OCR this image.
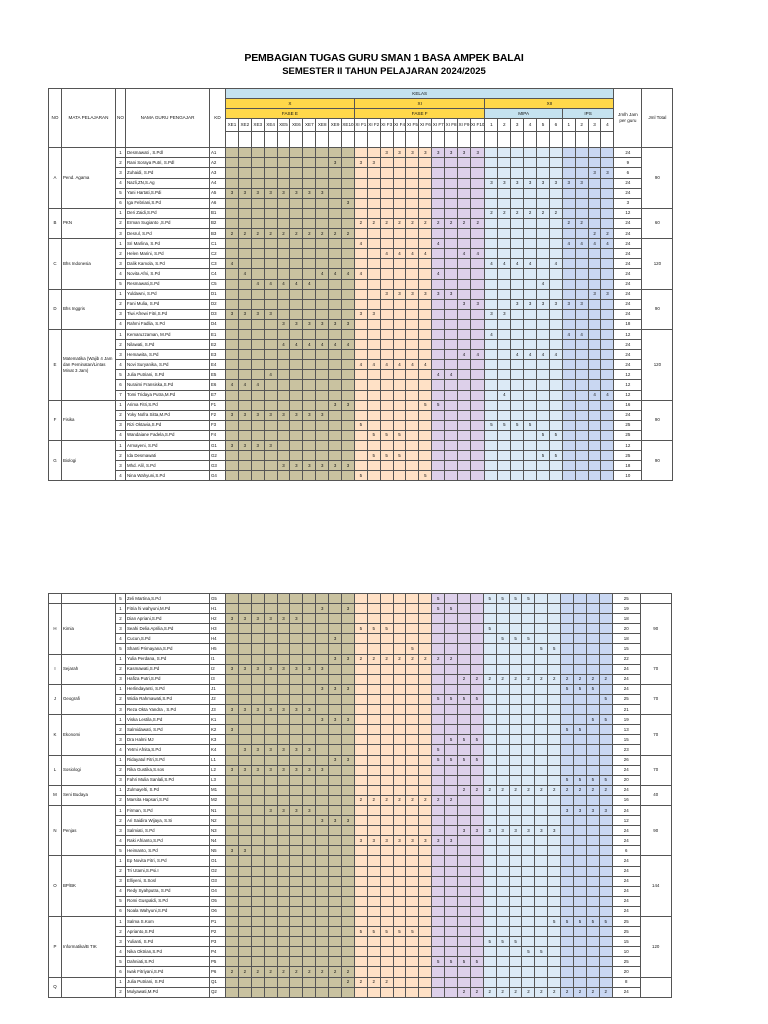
PEMBAGIAN TUGAS GURU SMAN 1 BASA AMPEK BALAI
SEMESTER II TAHUN PELAJARAN 2024/2025
NO	MATA PELAJARAN	NO	NAMA GURU PENGAJAR	KD	KELAS																														Jmlh Jam per guru	Jml Total
					X										XI										XII											
					FASE E										FASE F										MIPA						IPS					
					XE1	XE2	XE3	XE4	XE5	XE6	XE7	XE8	XE9	XE10	XI F1	XI F2	XI F3	XI F4	XI F5	XI F6	XI F7	XI F8	XI F9	XI F10	1	2	3	4	5	6	1	2	3	4		

A	Pend. Agama	1	Desmawati , S.Pdl	A1													3	3	3	3	3	3	3	3											24	90
		2	Rani Soraya Putri, S.Pdl	A2									3		3	3																			9	
		3	Zuhaidi, S.Pd	A3																													3	3	6	
		4	Nazli,ZN,S.Ag	A4																					3	3	3	3	3	3	3	3			24	
		5	Yani Hartati,S.Pdi	A5	3	3	3	3	3	3	3	3																							24	
		6	Iga Febriani,S.Pd	A6										3																					3	
B	PKN	1	Deri Zaidi,S.Pd	B1																					2	2	2	2	2	2					12	60
		2	Erman Sugianto ,S.Pd	B2											2	2	2	2	2	2	2	2	2	2							2	2			24	
		3	Desrul, S.Pd	B3	2	2	2	2	2	2	2	2	2	2																			2	2	24	
C	Bhs Indonesia	1	Sri Marlina, S.Pd	C1											4						4										4	4	4	4	24	120
		2	Helen Marini, S.Pd	C2													4	4	4	4			4	4											24	
		3	Dalik Kamola, S.Pd	C3	4																				4	4	4	4		4					24	
		4	Novita Afni, S.Pd	C4		4						4	4	4	4						4														24	
		5	Resmawati,S.Pd	C5			4	4	4	4	4																		4						24	
D	Bhs Inggris	1	Yuldawni, S.Pd	D1													3	3	3	3	3	3											3	3	24	90
		2	Fani Mulia, S.Pd	D2																			3	3			3	3	3	3	3	3			24	
		3	Tiwi Afrewi Fitri,S.Pd	D3	3	3	3	3							3	3									3	3									24	
		4	Rahmi Fadlia, S.Pd	D4					3	3	3	3	3	3																					18	
E	Matematika (Wajib 4 Jam dan Peminatan/Lintas Minat 3 Jam)	1	Kemaruzzaman, M.Pd	E1																					4						4	4			12	120
		2	Nilawati, S.Pd	E2					4	4	4	4	4	4																					24	
		3	Hemawita, S.Pd	E3																			4	4			4	4	4	4					24	
		4	Novi Suryanika, S.Pd	E4											4	4	4	4	4	4															24	
		5	Julia Putriani, S.Pd	E5				4													4	4													12	
		6	Nuraimi Fransiska,S.Pd	E6	4	4	4																												12	
		7	Tomi Tridaya Putra,M.Pd	E7																						4							4	4	12	
F	Fisika	1	Arima Fitri,S.Pd	F1									3	3						5	5														16	90
		2	Yoky Nofra Sitta,M.Pd	F2	3	3	3	3	3	3	3	3																							24	
		3	Rizi Oktavia,S.Pd	F3											5										5	5	5	5							25	
		4	Wandaiane Fadela,S.Pd	F4												5	5	5											5	5					25	
G	Biologi	1	Armayeni, S.Pd	G1	3	3	3	3																											12	90
		2	Ida Desmawati	G2												5	5	5											5	5					25	
		3	Mhd. Alil, S.Pd	G3					3	3	3	3	3	3																					18	
		4	Nina Wahyuni,S.Pd	G4											5					5															10	
		5	Zeli Martina,S.Pd	G5																	5				5	5	5	5							25	
H	Kimia	1	Fitria hi wahyuni,M.Pd	H1								3		3							5	5													19	90
		2	Dian Apriani,S.Pd	H2	3	3	3	3	3	3																									18	
		3	Seahi Delia Aprilia,S.Pd	H3											5	5	5								5										20	
		4	Cucun,S.Pd	H4									3													5	5	5							18	
		5	Shanti Primayana,S.Pd	H5															5										5	5					15	
I	Sejarah	1	Yulia Perdana, S.Pd	I1									3	3	2	2	2	2	2	2	2	2													22	70
		2	Kasmawati,S.Pd	I2	3	3	3	3	3	3	3	3																							24	
		3	Hafiza Putri,S.Pd	I3																			2	2	2	2	2	2	2	2	2	2	2	2	24	
J	Geografi	1	Herlindayanti, S.Pd	J1								3	3	3																	5	5	5		24	70
		2	Widia Rahmawati,S.Pd	J2																	5	5	5	5										5	25	
		3	Reza Okta Yandra , S.Pd	J3	3	3	3	3	3	3	3																								21	
K	Ekonomi	1	Viska Lestila,S.Pd	K1								3	3	3																			5	5	19	70
		2	Salmidawati, S.Pd	K2	3																										5	5			13	
		3	Dra Halmi MJ	K3																		5	5	5											15	
		4	Yetmi Afnita,S.Pd	K4		3	3	3	3	3	3										5														23	
L	Sosiologi	1	Ridayatul Fitri,S.Pd	L1									3	3							5	5	5	5											26	70
		2	Rika Gustika,S.sos	L2	3	3	3	3	3	3	3	3																							24	
		3	Fahri Mulia Sanlali,S.Pd	L3																											5	5	5	5	20	
M	Seni Budaya	1	Zulmayelti, S.Pd	M1																			2	2	2	2	2	2	2	2	2	2	2	2	24	40
		2	Marsita Hapsari,S.Pd	M2											2	2	2	2	2	2	2	2													16	
N	Penjas	1	Firman, S.Pd	N1				3	3	3	3																				3	3	3	3	24	90
		2	Ari Saidira Wijaya, S.Si	N2								3	3	3																					12	
		3	Salmiati, S.Pd	N3																			3	3	3	3	3	3	3	3					24	
		4	Raki Afrianto,S.Pd	N4											3	3	3	3	3	3	3	3													24	
		5	Heimanto, S.Pd	N5	3	3																													6	
O	BP/BK	1	Ep Novita Fitri, S.Pd	O1																															24	144
		2	Tri Utami,S.Psi.I	O2																															24	
		3	Elliyeni, S.Sosl	O3																															24	
		4	Redy Syahputra, S.Pd	O4																															24	
		5	Romi Guspaldi, S.Pd	O5																															24	
		6	Noala Wahyuni,S.Pd	O6																															24	
P	Informatika/B TIK	1	Salma S.Kom	P1																										5	5	5	5	5	25	120
		2	Aprianto,S.Pd	P2											5	5	5	5	5																25	
		3	Yulianti, S.Pd	P3																					5	5	5								15	
		4	Nika Oktrian,S.Pd	P4																								5	5						10	
		5	Dahniati,S.Pd	P5																	5	5	5	5											25	
		6	Iwak Fitriyani,S.Pd	P6	2	2	2	2	2	2	2	2	2	2																					20	
Q		1	Julia Putriani, S.Pd	Q1										2	2	2	2																		8	
		2	Mulyawati,M.Pd	Q2																			2	2	2	2	2	2	2	2	2	2	2	2	24	
